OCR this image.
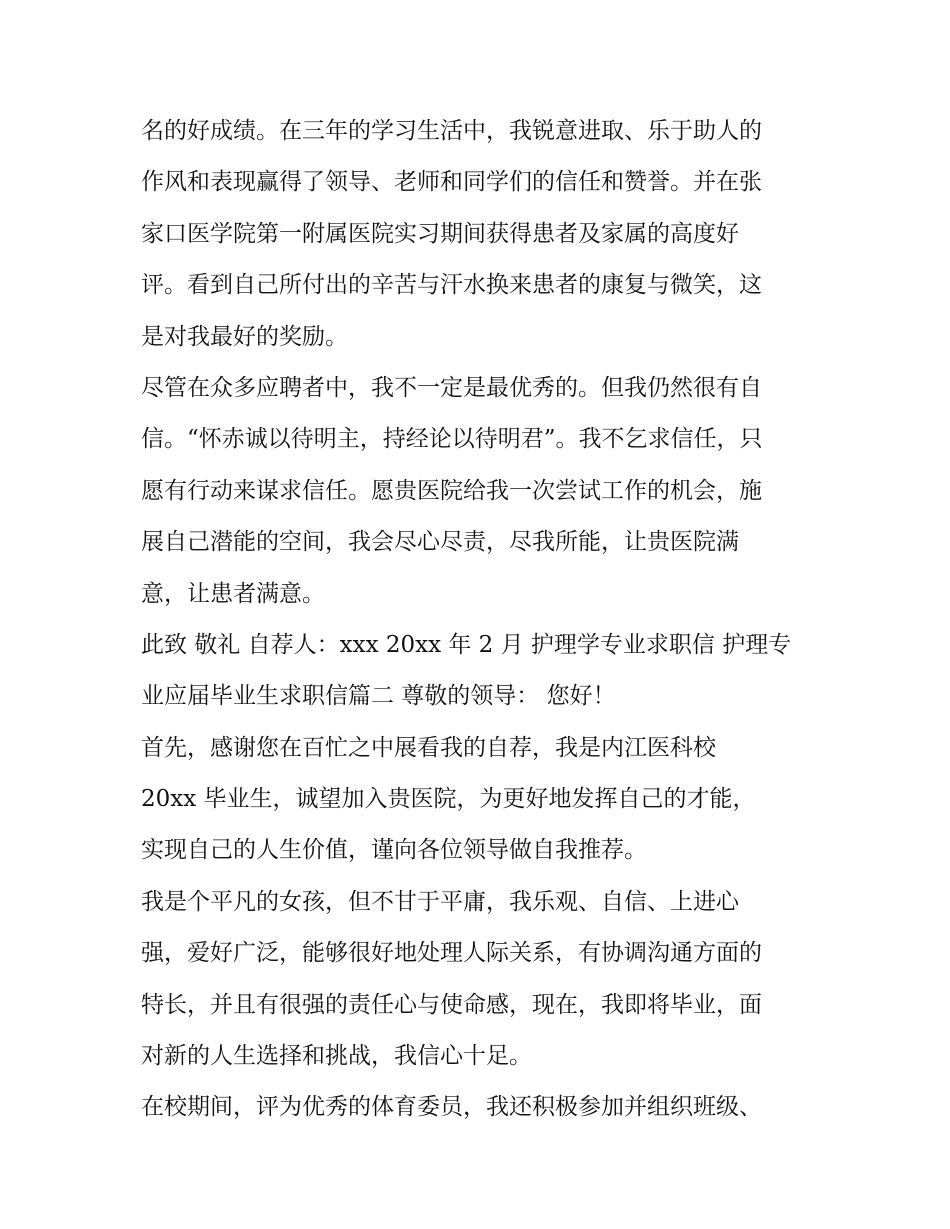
名的好成绩。在三年的学习生活中，我锐意进取、乐于助人的
作风和表现赢得了领导、老师和同学们的信任和赞誉。并在张
家口医学院第一附属医院实习期间获得患者及家属的高度好
评。看到自己所付出的辛苦与汗水换来患者的康复与微笑，这
是对我最好的奖励。
尽管在众多应聘者中，我不一定是最优秀的。但我仍然很有自
信。“怀赤诚以待明主，持经论以待明君”。我不乞求信任，只
愿有行动来谋求信任。愿贵医院给我一次尝试工作的机会，施
展自己潜能的空间，我会尽心尽责，尽我所能，让贵医院满
意，让患者满意。
此致 敬礼 自荐人：xxx 20xx 年 2 月 护理学专业求职信 护理专
业应届毕业生求职信篇二 尊敬的领导： 您好！
首先，感谢您在百忙之中展看我的自荐，我是内江医科校
20xx 毕业生，诚望加入贵医院，为更好地发挥自己的才能，
实现自己的人生价值，谨向各位领导做自我推荐。
我是个平凡的女孩，但不甘于平庸，我乐观、自信、上进心
强，爱好广泛，能够很好地处理人际关系，有协调沟通方面的
特长，并且有很强的责任心与使命感，现在，我即将毕业，面
对新的人生选择和挑战，我信心十足。
在校期间，评为优秀的体育委员，我还积极参加并组织班级、
